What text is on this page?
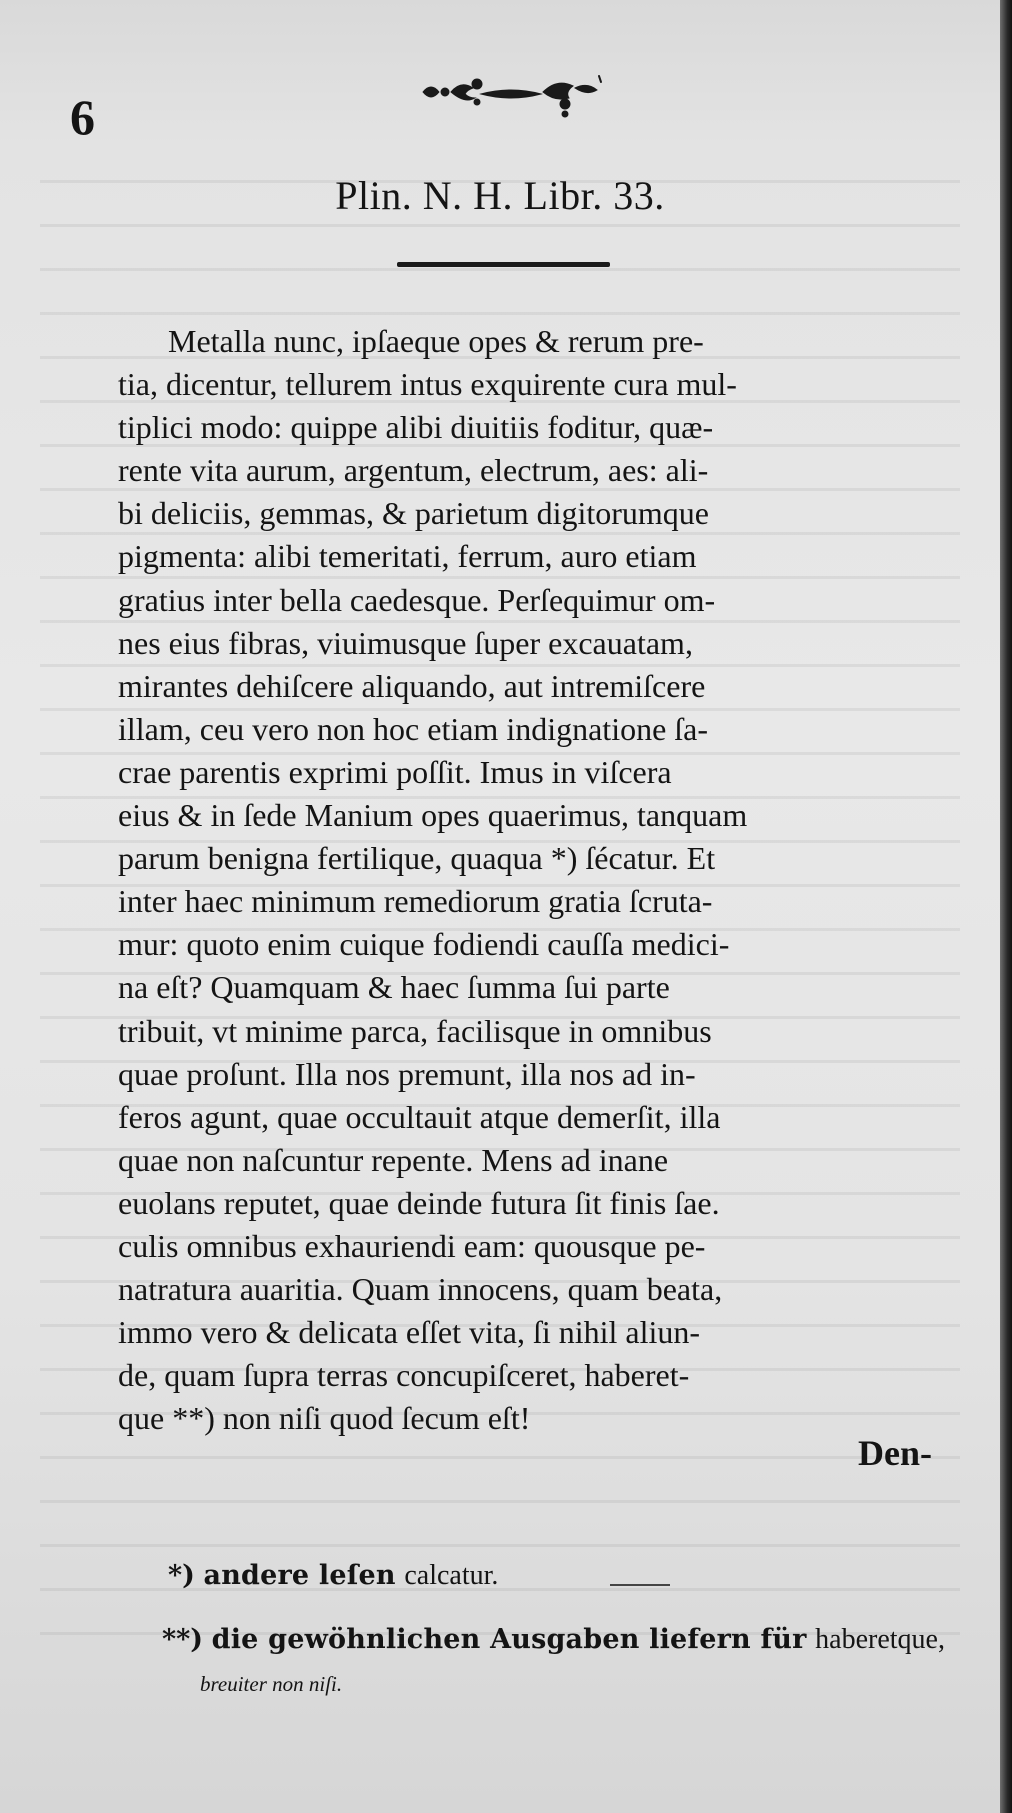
6
Plin. N. H. Libr. 33.
Metalla nunc, ipſaeque opes & rerum pre-
tia, dicentur, tellurem intus exquirente cura mul-
tiplici modo: quippe alibi diuitiis foditur, quæ-
rente vita aurum, argentum, electrum, aes: ali-
bi deliciis, gemmas, & parietum digitorumque
pigmenta: alibi temeritati, ferrum, auro etiam
gratius inter bella caedesque. Perſequimur om-
nes eius fibras, viuimusque ſuper excauatam,
mirantes dehiſcere aliquando, aut intremiſcere
illam, ceu vero non hoc etiam indignatione ſa-
crae parentis exprimi poſſit. Imus in viſcera
eius & in ſede Manium opes quaerimus, tanquam
parum benigna fertilique, quaqua *) ſécatur. Et
inter haec minimum remediorum gratia ſcruta-
mur: quoto enim cuique fodiendi cauſſa medici-
na eſt? Quamquam & haec ſumma ſui parte
tribuit, vt minime parca, facilisque in omnibus
quae proſunt. Illa nos premunt, illa nos ad in-
feros agunt, quae occultauit atque demerſit, illa
quae non naſcuntur repente. Mens ad inane
euolans reputet, quae deinde futura ſit finis ſae.
culis omnibus exhauriendi eam: quousque pe-
natratura auaritia. Quam innocens, quam beata,
immo vero & delicata eſſet vita, ſi nihil aliun-
de, quam ſupra terras concupiſceret, haberet-
que **) non niſi quod ſecum eſt!
Den-
*) andere leſen calcatur.
**) die gewöhnlichen Ausgaben liefern für haberetque,
breuiter non niſi.
